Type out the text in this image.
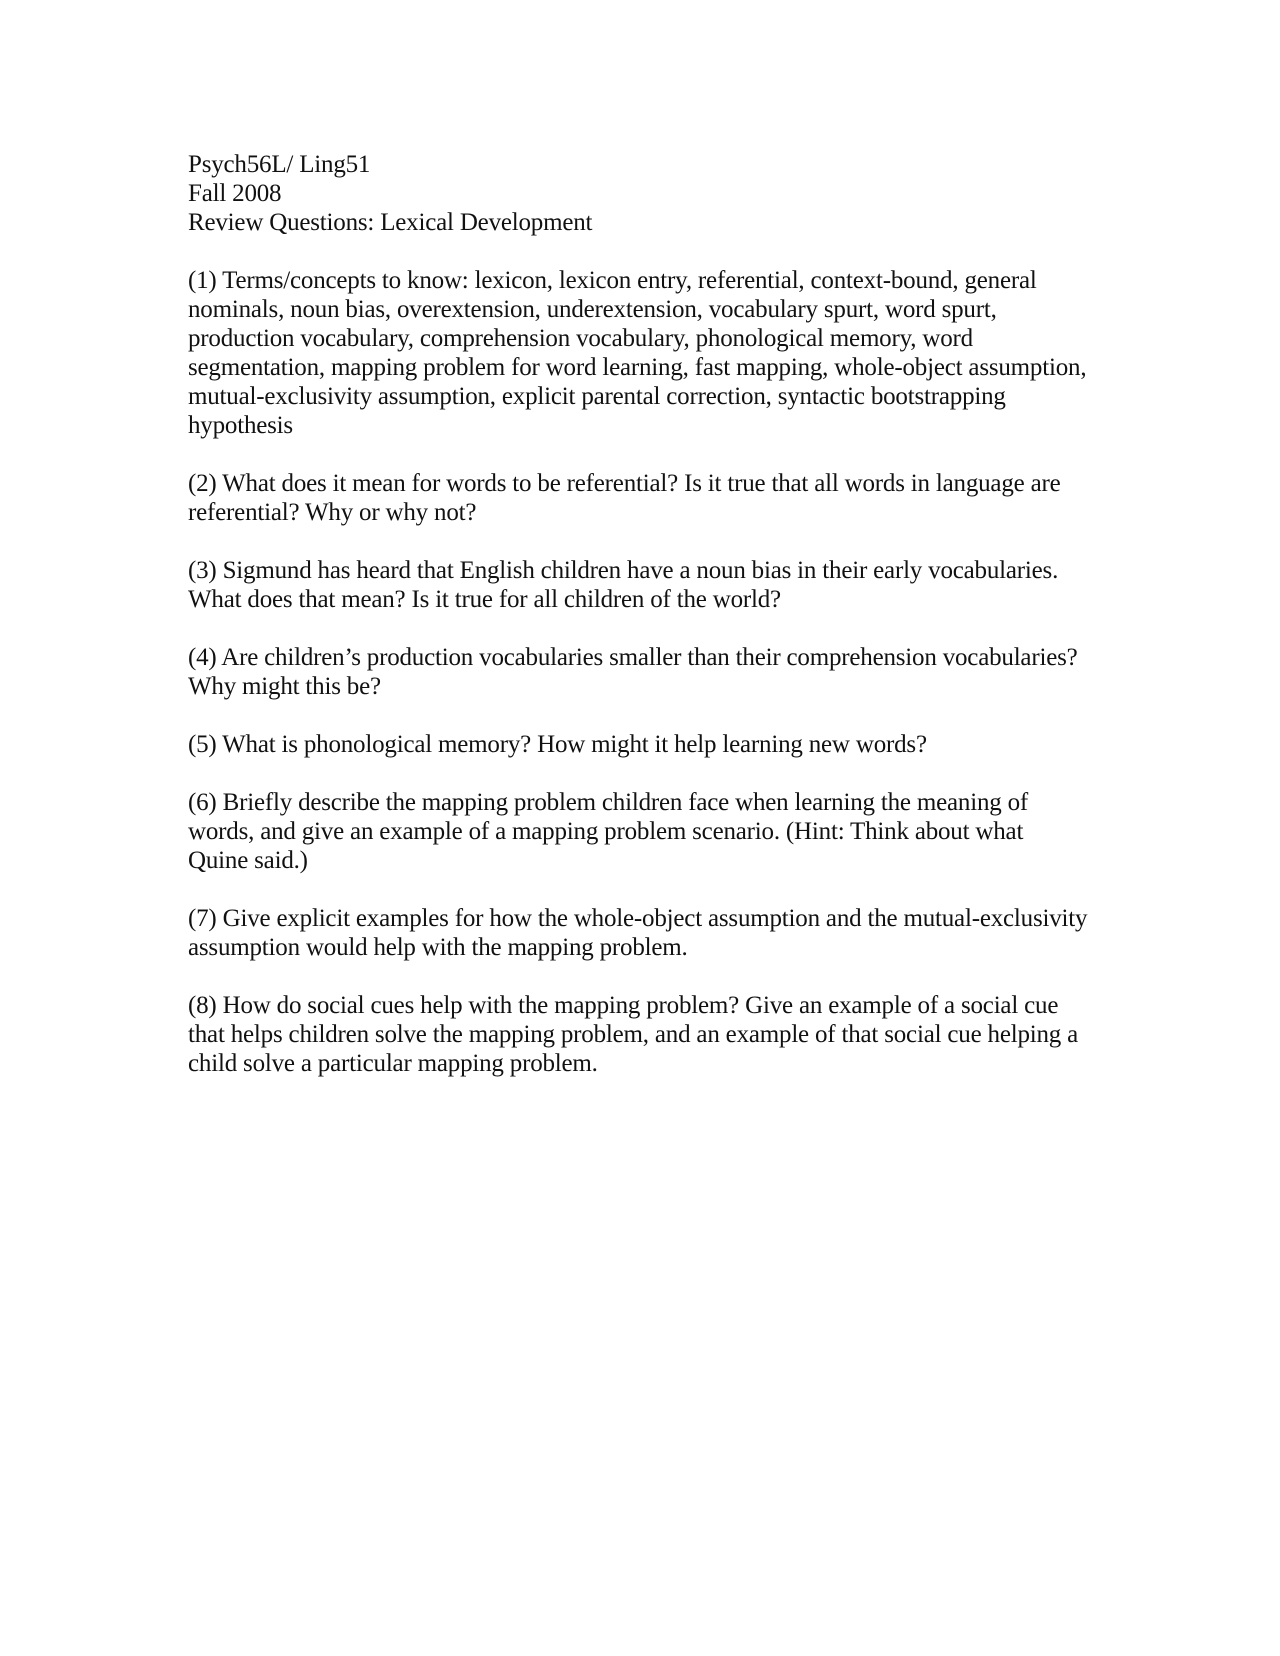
Psych56L/ Ling51

Fall 2008

Review Questions: Lexical Development

(1) Terms/concepts to know: lexicon, lexicon entry, referential, context-bound, general nominals, noun bias, overextension, underextension, vocabulary spurt, word spurt, production vocabulary, comprehension vocabulary, phonological memory, word segmentation, mapping problem for word learning, fast mapping, whole-object assumption, mutual-exclusivity assumption, explicit parental correction, syntactic bootstrapping hypothesis

(2) What does it mean for words to be referential? Is it true that all words in language are referential? Why or why not?

(3) Sigmund has heard that English children have a noun bias in their early vocabularies. What does that mean? Is it true for all children of the world?

(4) Are children’s production vocabularies smaller than their comprehension vocabularies? Why might this be?

(5) What is phonological memory? How might it help learning new words?

(6) Briefly describe the mapping problem children face when learning the meaning of words, and give an example of a mapping problem scenario. (Hint: Think about what Quine said.)

(7) Give explicit examples for how the whole-object assumption and the mutual-exclusivity assumption would help with the mapping problem.

(8) How do social cues help with the mapping problem? Give an example of a social cue that helps children solve the mapping problem, and an example of that social cue helping a child solve a particular mapping problem.
